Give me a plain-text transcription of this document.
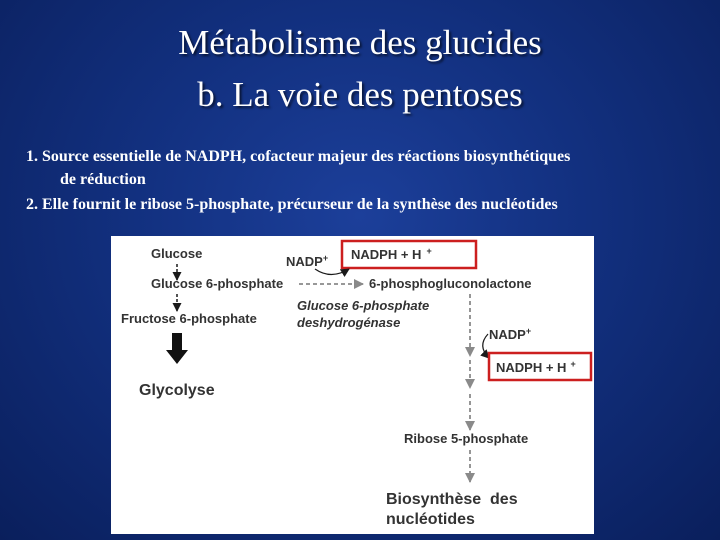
Métabolisme des glucides
b. La voie des pentoses
1. Source essentielle de NADPH, cofacteur majeur des réactions biosynthétiques
de réduction
2. Elle fournit le ribose 5-phosphate, précurseur de la synthèse des nucléotides
Glucose
Glucose 6-phosphate
Fructose 6-phosphate
Glycolyse
NADP+ NADPH + H +
6-phosphogluconolactone
Glucose 6-phosphate
deshydrogénase
NADP+
NADPH + H +
Ribose 5-phosphate
Biosynthèse  des
nucléotides
